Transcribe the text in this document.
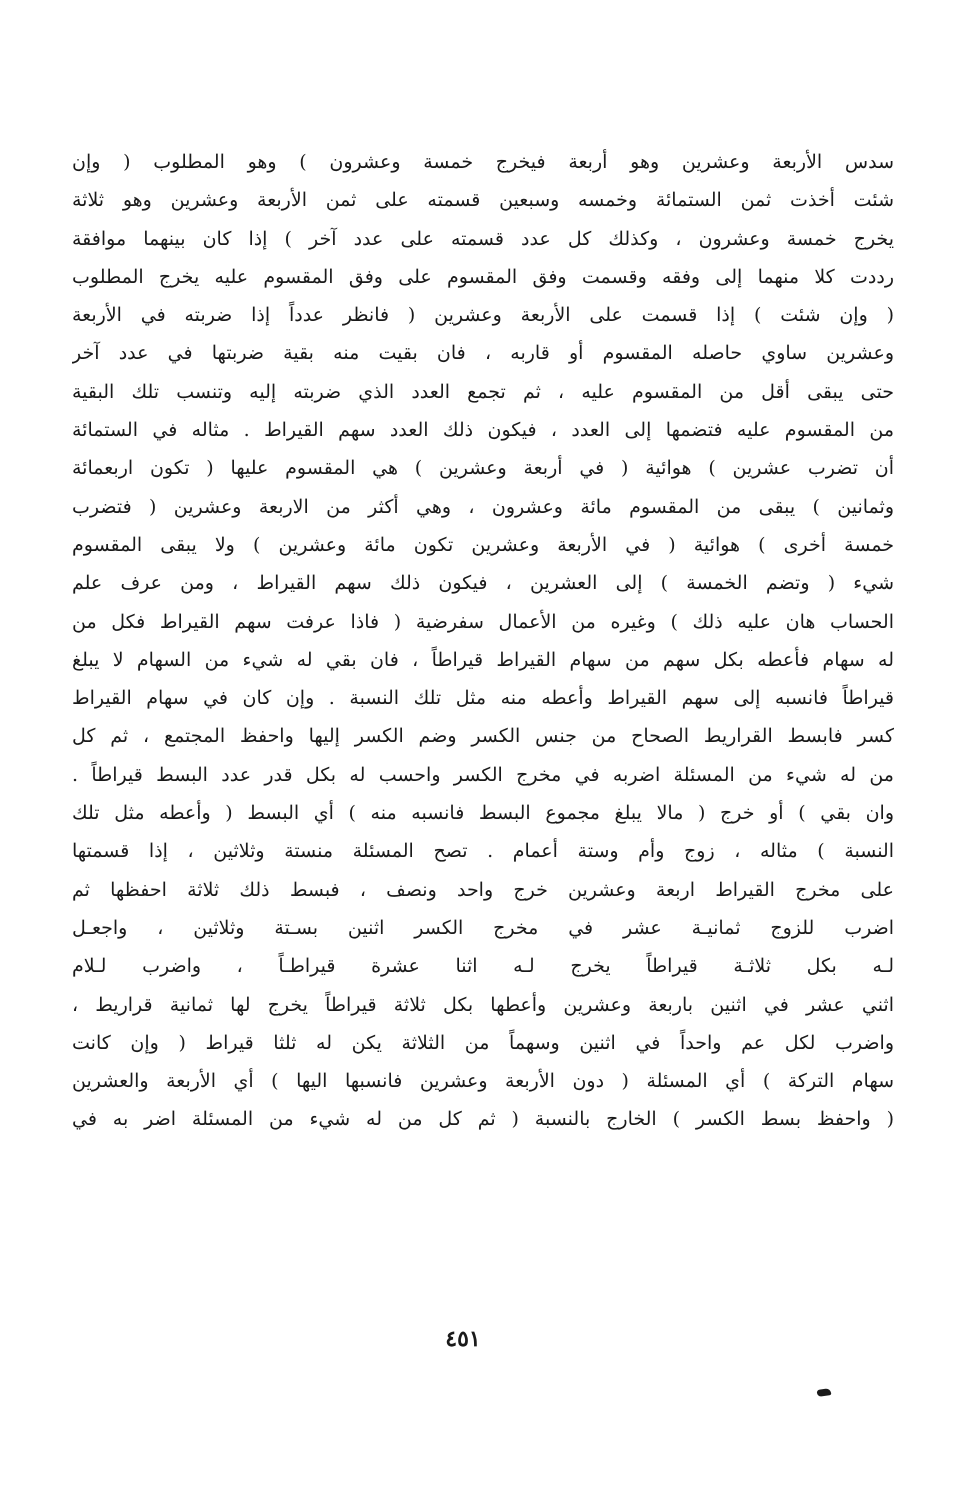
سدس الأربعة وعشرين وهو أربعة فيخرج خمسة وعشرون ) وهو المطلوب ( وإن
شئت أخذت ثمن الستمائة وخمسه وسبعين قسمته على ثمن الأربعة وعشرين وهو ثلاثة
يخرج خمسة وعشرون ، وكذلك كل عدد قسمته على عدد آخر ) إذا كان بينهما موافقة
رددت كلا منهما إلى وفقه وقسمت وفق المقسوم على وفق المقسوم عليه يخرج المطلوب
( وإن شئت ) إذا قسمت على الأربعة وعشرين ( فانظر عدداً إذا ضربته في الأربعة
وعشرين ساوي حاصله المقسوم أو قاربه ، فان بقيت منه بقية ضربتها في عدد آخر
حتى يبقى أقل من المقسوم عليه ، ثم تجمع العدد الذي ضربته إليه وتنسب تلك البقية
من المقسوم عليه فتضمها إلى العدد ، فيكون ذلك العدد سهم القيراط . مثاله في الستمائة
أن تضرب عشرين ) هوائية ( في أربعة وعشرين ) هي المقسوم عليها ( تكون اربعمائة
وثمانين ) يبقى من المقسوم مائة وعشرون ، وهي أكثر من الاربعة وعشرين ( فتضرب
خمسة أخرى ) هوائية ( في الأربعة وعشرين تكون مائة وعشرين ) ولا يبقى المقسوم
شيء ( وتضم الخمسة ) إلى العشرين ، فيكون ذلك سهم القيراط ، ومن عرف علم
الحساب هان عليه ذلك ) وغيره من الأعمال سفرضية ( فاذا عرفت سهم القيراط فكل من
له سهام فأعطه بكل سهم من سهام القيراط قيراطاً ، فان بقي له شيء من السهام لا يبلغ
قيراطاً فانسبه إلى سهم القيراط وأعطه منه مثل تلك النسبة . وإن كان في سهام القيراط
كسر فابسط القراريط الصحاح من جنس الكسر وضم الكسر إليها واحفظ المجتمع ، ثم كل
من له شيء من المسئلة اضربه في مخرج الكسر واحسب له بكل قدر عدد البسط قيراطاً .
وان بقي ) أو خرج ( مالا يبلغ مجموع البسط فانسبه منه ) أي البسط ( وأعطه مثل تلك
النسبة ) مثاله ، زوج وأم وستة أعمام . تصح المسئلة منستة وثلاثين ، إذا قسمتها
على مخرج القيراط اربعة وعشرين خرج واحد ونصف ، فبسط ذلك ثلاثة احفظها ثم
اضرب للزوج ثمانيـة عشر في مخرج الكسر اثنين بسـتة وثلاثين ، واجعـل
لـه بكل ثلاثـة قيراطاً يخرج لـه اثنا عشرة قيراطـاً ، واضرب لـلام
اثني عشر في اثنين باربعة وعشرين وأعطها بكل ثلاثة قيراطاً يخرج لها ثمانية قراريط ،
واضرب لكل عم واحداً في اثنين وسهماً من الثلاثة يكن له ثلثا قيراط ( وإن كانت
سهام التركة ) أي المسئلة ( دون الأربعة وعشرين فانسبها اليها ) أي الأربعة والعشرين
( واحفظ بسط الكسر ) الخارج بالنسبة ( ثم كل من له شيء من المسئلة اضر به في
٤٥١
